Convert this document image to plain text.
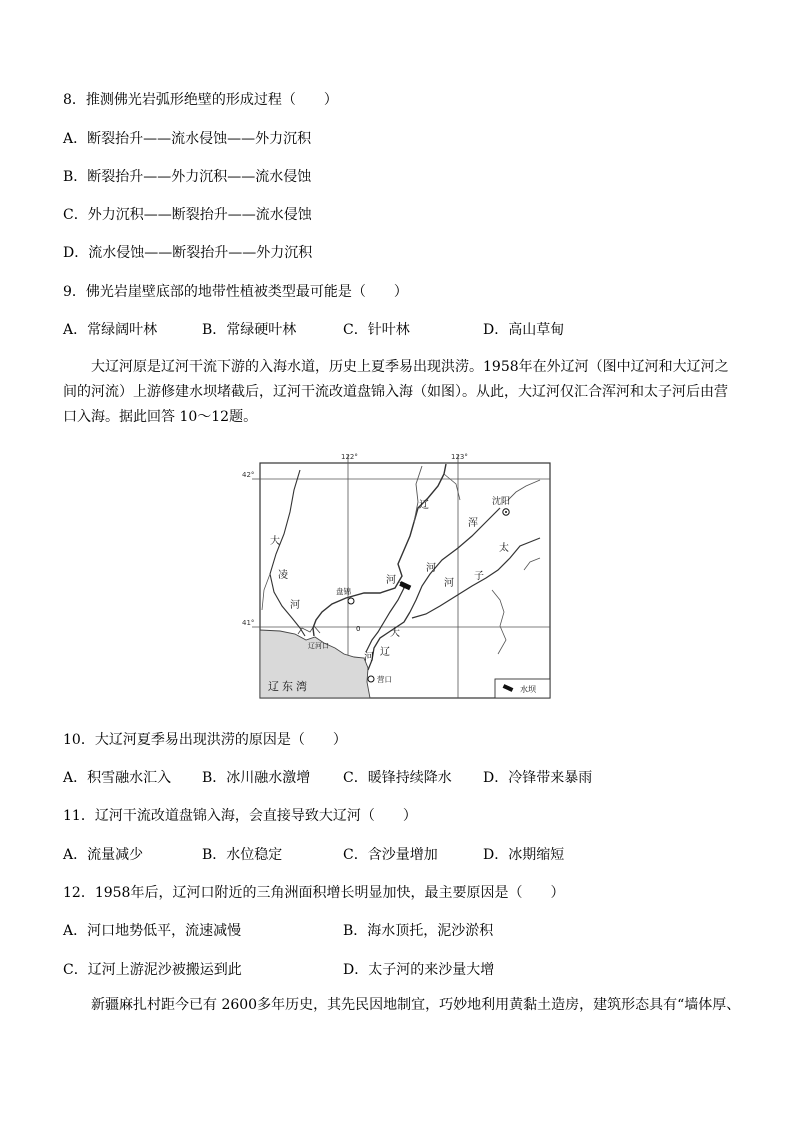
8．推测佛光岩弧形绝壁的形成过程（　　）
A．断裂抬升——流水侵蚀——外力沉积
B．断裂抬升——外力沉积——流水侵蚀
C．外力沉积——断裂抬升——流水侵蚀
D．流水侵蚀——断裂抬升——外力沉积
9．佛光岩崖壁底部的地带性植被类型最可能是（　　）
A．常绿阔叶林	B．常绿硬叶林	C．针叶林	D．高山草甸

大辽河原是辽河干流下游的入海水道，历史上夏季易出现洪涝。1958年在外辽河（图中辽河和大辽河之间的河流）上游修建水坝堵截后，辽河干流改道盘锦入海（如图）。从此，大辽河仅汇合浑河和太子河后由营口入海。据此回答 10～12题。

122°	123°
42°
41°
沈阳
盘锦
营口
辽河口
0
大
凌
河
辽
河
浑
河
太
子
河
大
辽
河
辽东湾	水坝
10．大辽河夏季易出现洪涝的原因是（　　）
A．积雪融水汇入 B．冰川融水激增 C．暖锋持续降水 D．冷锋带来暴雨
11．辽河干流改道盘锦入海，会直接导致大辽河（　　）
A．流量减少	B．水位稳定	C．含沙量增加	D．冰期缩短
12．1958年后，辽河口附近的三角洲面积增长明显加快，最主要原因是（　　）
A．河口地势低平，流速减慢	B．海水顶托，泥沙淤积
C．辽河上游泥沙被搬运到此	D．太子河的来沙量大增

新疆麻扎村距今已有 2600多年历史，其先民因地制宜，巧妙地利用黄黏土造房，建筑形态具有“墙体厚、
